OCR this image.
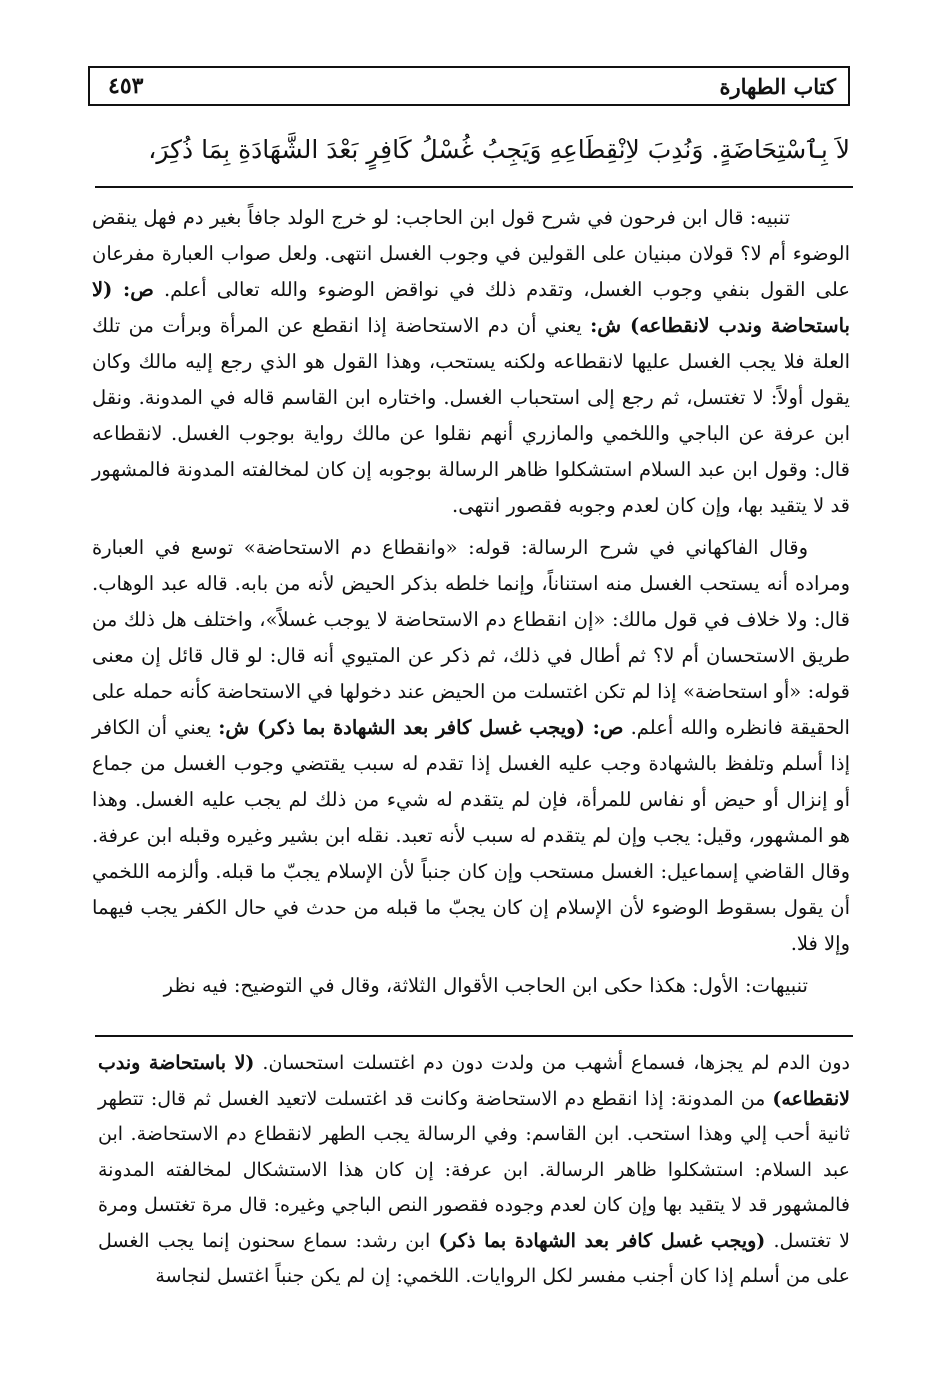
كتاب الطهارة
٤٥٣
لاَ بِٱسْتِحَاضَةٍ. وَنُدِبَ لاِنْقِطَاعِهِ وَيَجِبُ غُسْلُ كَافِرٍ بَعْدَ الشَّهَادَةِ بِمَا ذُكِرَ،

تنبيه: قال ابن فرحون في شرح قول ابن الحاجب: لو خرج الولد جافاً بغير دم فهل ينقض الوضوء أم لا؟ قولان مبنيان على القولين في وجوب الغسل انتهى. ولعل صواب العبارة مفرعان على القول بنفي وجوب الغسل، وتقدم ذلك في نواقض الوضوء والله تعالى أعلم. ص: (لا باستحاضة وندب لانقطاعه) ش: يعني أن دم الاستحاضة إذا انقطع عن المرأة وبرأت من تلك العلة فلا يجب الغسل عليها لانقطاعه ولكنه يستحب، وهذا القول هو الذي رجع إليه مالك وكان يقول أولاً: لا تغتسل، ثم رجع إلى استحباب الغسل. واختاره ابن القاسم قاله في المدونة. ونقل ابن عرفة عن الباجي واللخمي والمازري أنهم نقلوا عن مالك رواية بوجوب الغسل. لانقطاعه قال: وقول ابن عبد السلام استشكلوا ظاهر الرسالة بوجوبه إن كان لمخالفته المدونة فالمشهور قد لا يتقيد بها، وإن كان لعدم وجوبه فقصور انتهى.

وقال الفاكهاني في شرح الرسالة: قوله: «وانقطاع دم الاستحاضة» توسع في العبارة ومراده أنه يستحب الغسل منه استناناً، وإنما خلطه بذكر الحيض لأنه من بابه. قاله عبد الوهاب. قال: ولا خلاف في قول مالك: «إن انقطاع دم الاستحاضة لا يوجب غسلاً»، واختلف هل ذلك من طريق الاستحسان أم لا؟ ثم أطال في ذلك، ثم ذكر عن المتيوي أنه قال: لو قال قائل إن معنى قوله: «أو استحاضة» إذا لم تكن اغتسلت من الحيض عند دخولها في الاستحاضة كأنه حمله على الحقيقة فانظره والله أعلم. ص: (ويجب غسل كافر بعد الشهادة بما ذكر) ش: يعني أن الكافر إذا أسلم وتلفظ بالشهادة وجب عليه الغسل إذا تقدم له سبب يقتضي وجوب الغسل من جماع أو إنزال أو حيض أو نفاس للمرأة، فإن لم يتقدم له شيء من ذلك لم يجب عليه الغسل. وهذا هو المشهور، وقيل: يجب وإن لم يتقدم له سبب لأنه تعبد. نقله ابن بشير وغيره وقبله ابن عرفة. وقال القاضي إسماعيل: الغسل مستحب وإن كان جنباً لأن الإسلام يجبّ ما قبله. وألزمه اللخمي أن يقول بسقوط الوضوء لأن الإسلام إن كان يجبّ ما قبله من حدث في حال الكفر يجب فيهما وإلا فلا.

تنبيهات: الأول: هكذا حكى ابن الحاجب الأقوال الثلاثة، وقال في التوضيح: فيه نظر

دون الدم لم يجزها، فسماع أشهب من ولدت دون دم اغتسلت استحسان. (لا باستحاضة وندب لانقطاعه) من المدونة: إذا انقطع دم الاستحاضة وكانت قد اغتسلت لاتعيد الغسل ثم قال: تتطهر ثانية أحب إلي وهذا استحب. ابن القاسم: وفي الرسالة يجب الطهر لانقطاع دم الاستحاضة. ابن عبد السلام: استشكلوا ظاهر الرسالة. ابن عرفة: إن كان هذا الاستشكال لمخالفته المدونة فالمشهور قد لا يتقيد بها وإن كان لعدم وجوده فقصور النص الباجي وغيره: قال مرة تغتسل ومرة لا تغتسل. (ويجب غسل كافر بعد الشهادة بما ذكر) ابن رشد: سماع سحنون إنما يجب الغسل على من أسلم إذا كان أجنب مفسر لكل الروايات. اللخمي: إن لم يكن جنباً اغتسل لنجاسة
